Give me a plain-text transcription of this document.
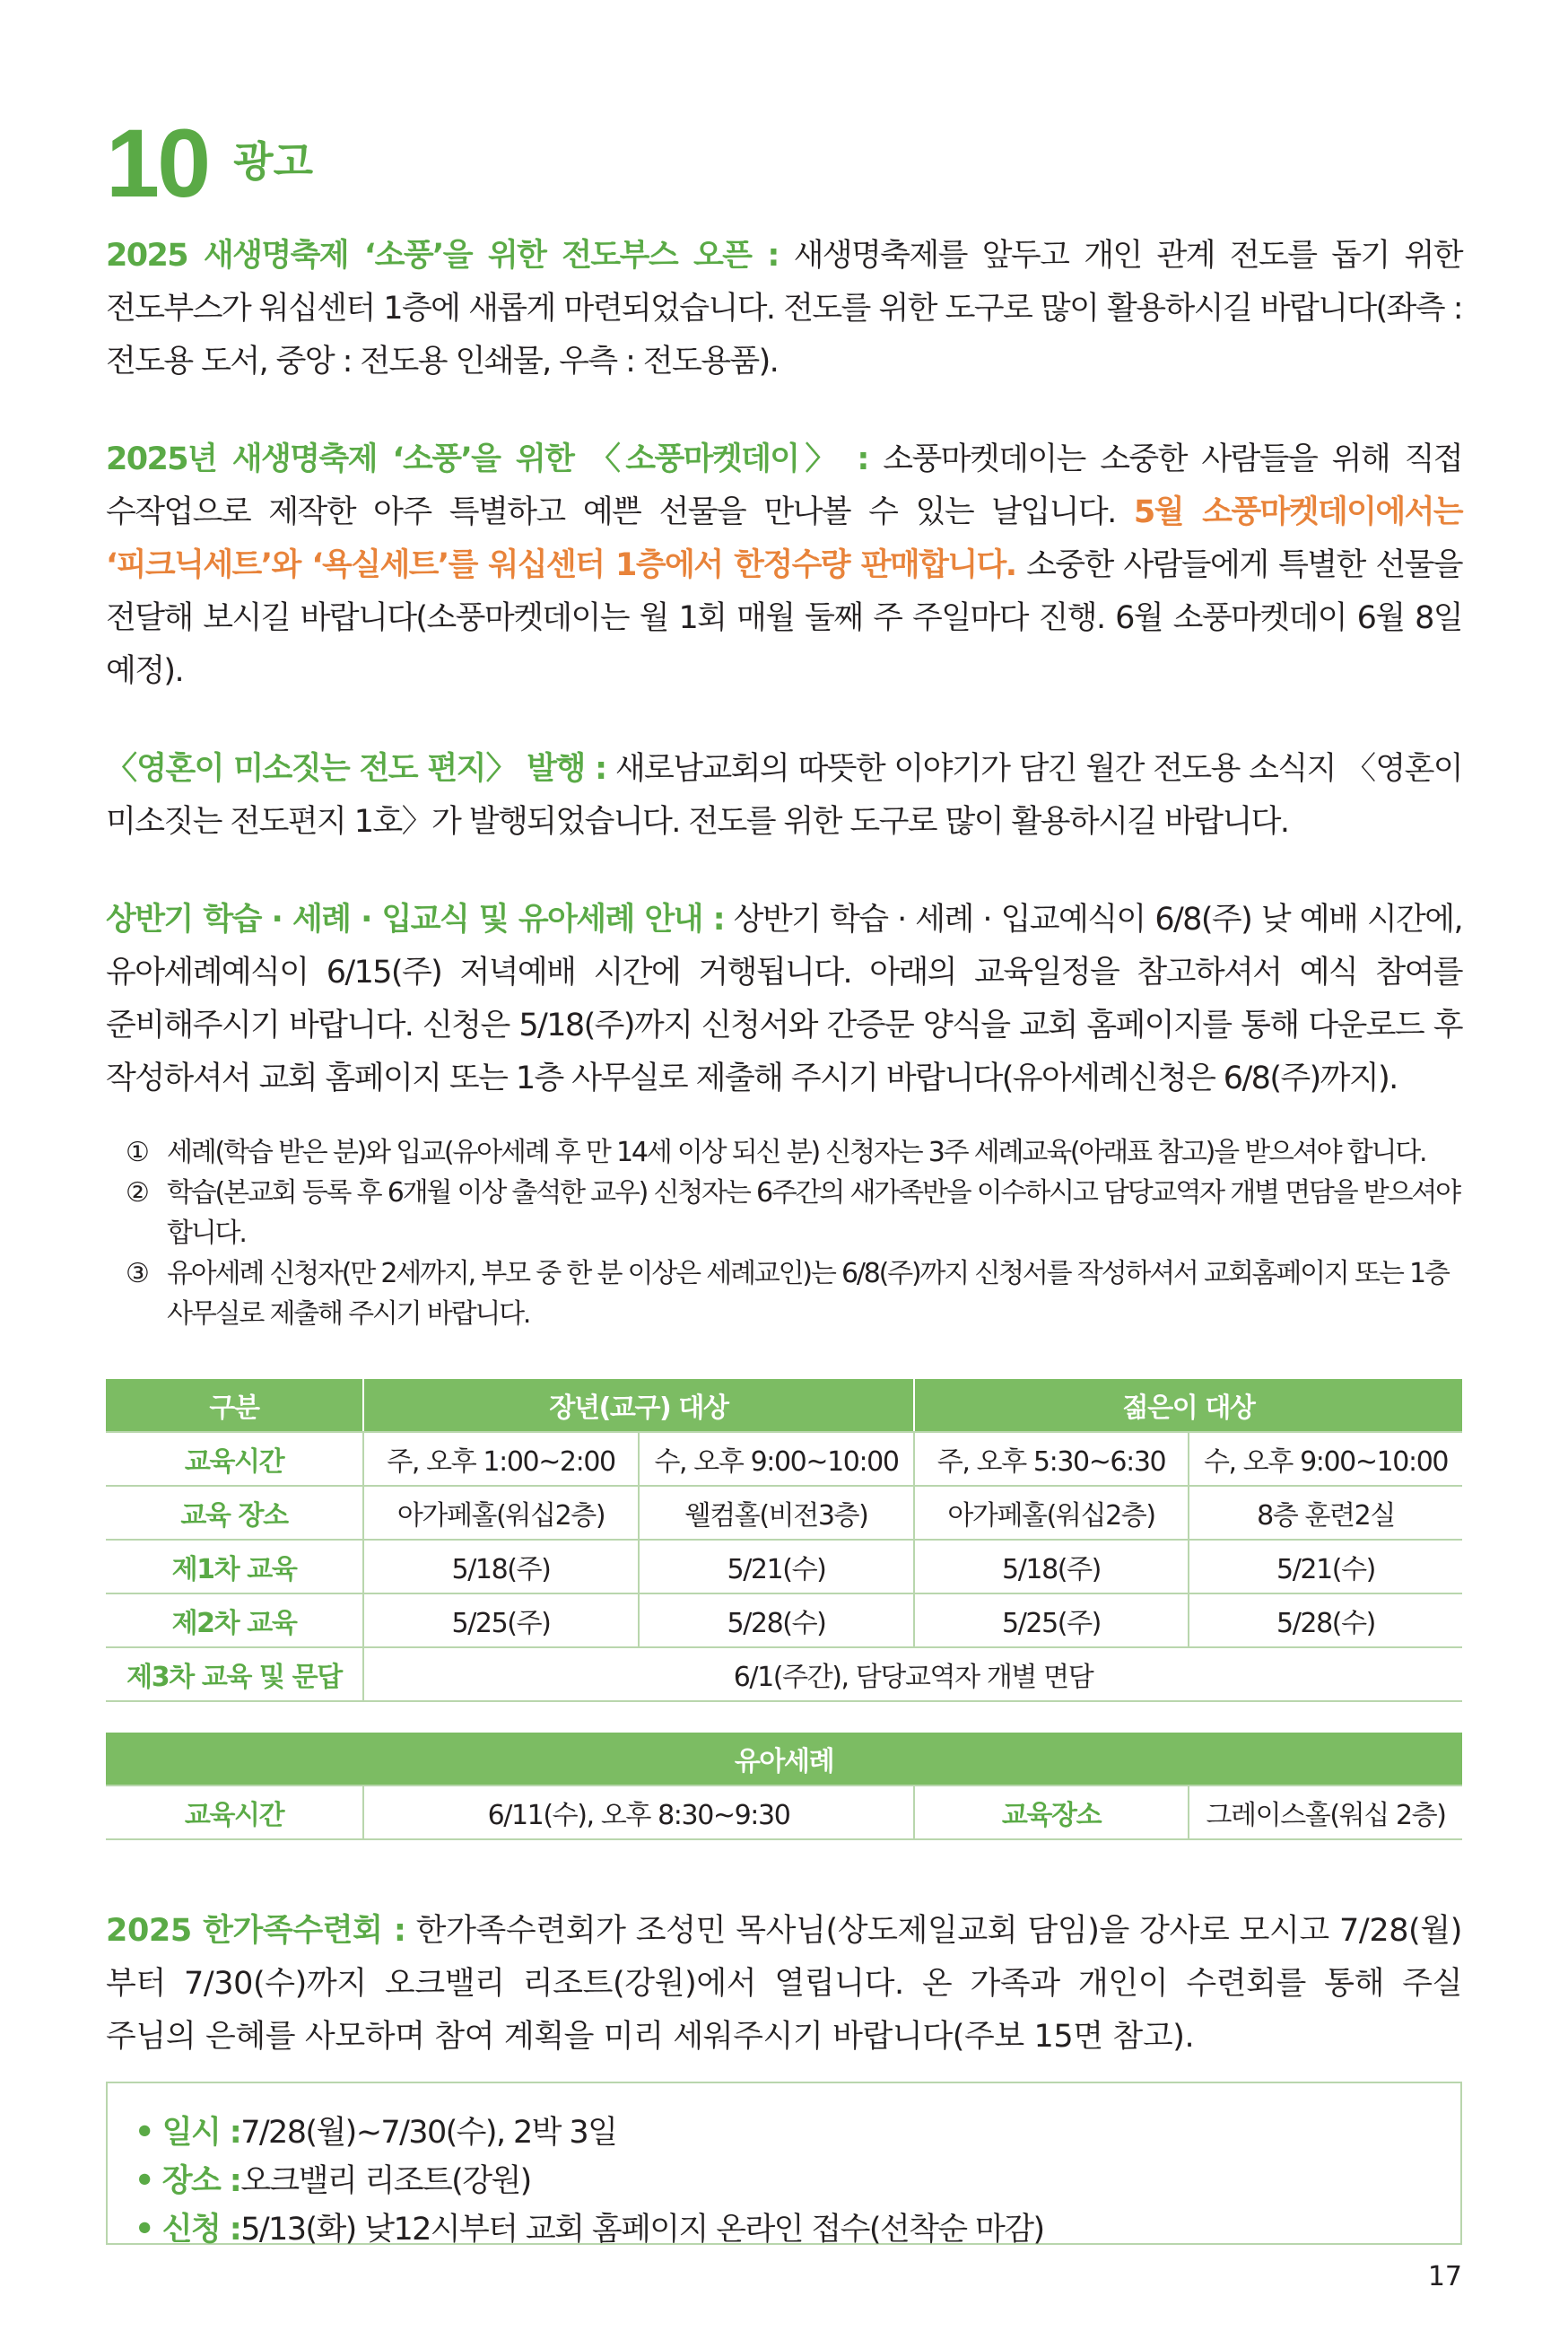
10 광고

2025 새생명축제 ‘소풍’을 위한 전도부스 오픈 : 새생명축제를 앞두고 개인 관계 전도를 돕기 위한 전도부스가 워십센터 1층에 새롭게 마련되었습니다. 전도를 위한 도구로 많이 활용하시길 바랍니다(좌측 : 전도용 도서, 중앙 : 전도용 인쇄물, 우측 : 전도용품).

2025년 새생명축제 ‘소풍’을 위한 〈소풍마켓데이〉 : 소풍마켓데이는 소중한 사람들을 위해 직접 수작업으로 제작한 아주 특별하고 예쁜 선물을 만나볼 수 있는 날입니다. 5월 소풍마켓데이에서는 ‘피크닉세트’와 ‘욕실세트’를 워십센터 1층에서 한정수량 판매합니다. 소중한 사람들에게 특별한 선물을 전달해 보시길 바랍니다(소풍마켓데이는 월 1회 매월 둘째 주 주일마다 진행. 6월 소풍마켓데이 6월 8일 예정).

〈영혼이 미소짓는 전도 편지〉 발행 : 새로남교회의 따뜻한 이야기가 담긴 월간 전도용 소식지 〈영혼이 미소짓는 전도편지 1호〉가 발행되었습니다. 전도를 위한 도구로 많이 활용하시길 바랍니다.

상반기 학습 · 세례 · 입교식 및 유아세례 안내 : 상반기 학습 · 세례 · 입교예식이 6/8(주) 낮 예배 시간에, 유아세례예식이 6/15(주) 저녁예배 시간에 거행됩니다. 아래의 교육일정을 참고하셔서 예식 참여를 준비해주시기 바랍니다. 신청은 5/18(주)까지 신청서와 간증문 양식을 교회 홈페이지를 통해 다운로드 후 작성하셔서 교회 홈페이지 또는 1층 사무실로 제출해 주시기 바랍니다(유아세례신청은 6/8(주)까지).

① 세례(학습 받은 분)와 입교(유아세례 후 만 14세 이상 되신 분) 신청자는 3주 세례교육(아래표 참고)을 받으셔야 합니다.
② 학습(본교회 등록 후 6개월 이상 출석한 교우) 신청자는 6주간의 새가족반을 이수하시고 담당교역자 개별 면담을 받으셔야 합니다.
③ 유아세례 신청자(만 2세까지, 부모 중 한 분 이상은 세례교인)는 6/8(주)까지 신청서를 작성하셔서 교회홈페이지 또는 1층 사무실로 제출해 주시기 바랍니다.
구분	장년(교구) 대상		젊은이 대상	
교육시간	주, 오후 1:00~2:00	수, 오후 9:00~10:00	주, 오후 5:30~6:30	수, 오후 9:00~10:00
교육 장소	아가페홀(워십2층)	웰컴홀(비전3층)	아가페홀(워십2층)	8층 훈련2실
제1차 교육	5/18(주)	5/21(수)	5/18(주)	5/21(수)
제2차 교육	5/25(주)	5/28(수)	5/25(주)	5/28(수)
제3차 교육 및 문답	6/1(주간), 담당교역자 개별 면담			
유아세례
교육시간	6/11(수), 오후 8:30~9:30	교육장소	그레이스홀(워십 2층)

2025 한가족수련회 : 한가족수련회가 조성민 목사님(상도제일교회 담임)을 강사로 모시고 7/28(월)부터 7/30(수)까지 오크밸리 리조트(강원)에서 열립니다. 온 가족과 개인이 수련회를 통해 주실 주님의 은혜를 사모하며 참여 계획을 미리 세워주시기 바랍니다(주보 15면 참고).

• 일시 : 7/28(월)~7/30(수), 2박 3일
• 장소 : 오크밸리 리조트(강원)
• 신청 : 5/13(화) 낮12시부터 교회 홈페이지 온라인 접수(선착순 마감)
17
